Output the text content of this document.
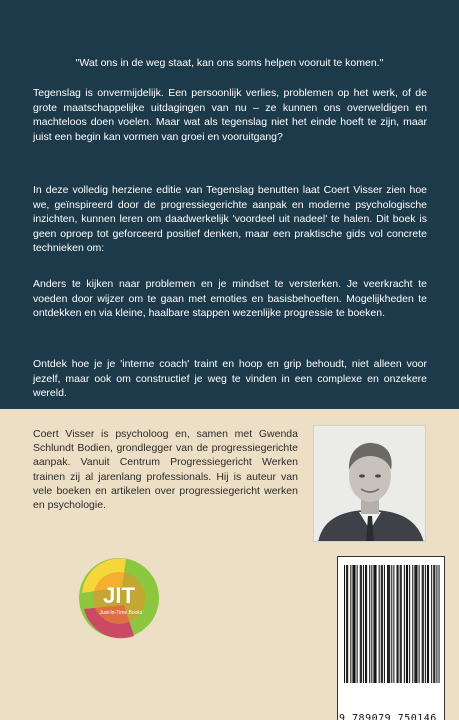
"Wat ons in de weg staat, kan ons soms helpen vooruit te komen."

Tegenslag is onvermijdelijk. Een persoonlijk verlies, problemen op het werk, of de grote maatschappelijke uitdagingen van nu – ze kunnen ons overweldigen en machteloos doen voelen. Maar wat als tegenslag niet het einde hoeft te zijn, maar juist een begin kan vormen van groei en vooruitgang?

In deze volledig herziene editie van Tegenslag benutten laat Coert Visser zien hoe we, geïnspireerd door de progressiegerichte aanpak en moderne psychologische inzichten, kunnen leren om daadwerkelijk 'voordeel uit nadeel' te halen. Dit boek is geen oproep tot geforceerd positief denken, maar een praktische gids vol concrete technieken om:

Anders te kijken naar problemen en je mindset te versterken. Je veerkracht te voeden door wijzer om te gaan met emoties en basisbehoeften. Mogelijkheden te ontdekken en via kleine, haalbare stappen wezenlijke progressie te boeken.

Ontdek hoe je je 'interne coach' traint en hoop en grip behoudt, niet alleen voor jezelf, maar ook om constructief je weg te vinden in een complexe en onzekere wereld.

Coert Visser is psycholoog en, samen met Gwenda Schlundt Bodien, grondlegger van de progressiegerichte aanpak. Vanuit Centrum Progressiegericht Werken trainen zij al jarenlang professionals. Hij is auteur van vele boeken en artikelen over progressiegericht werken en psychologie.

JIT
Just-In-Time Books
9 789079 750146
